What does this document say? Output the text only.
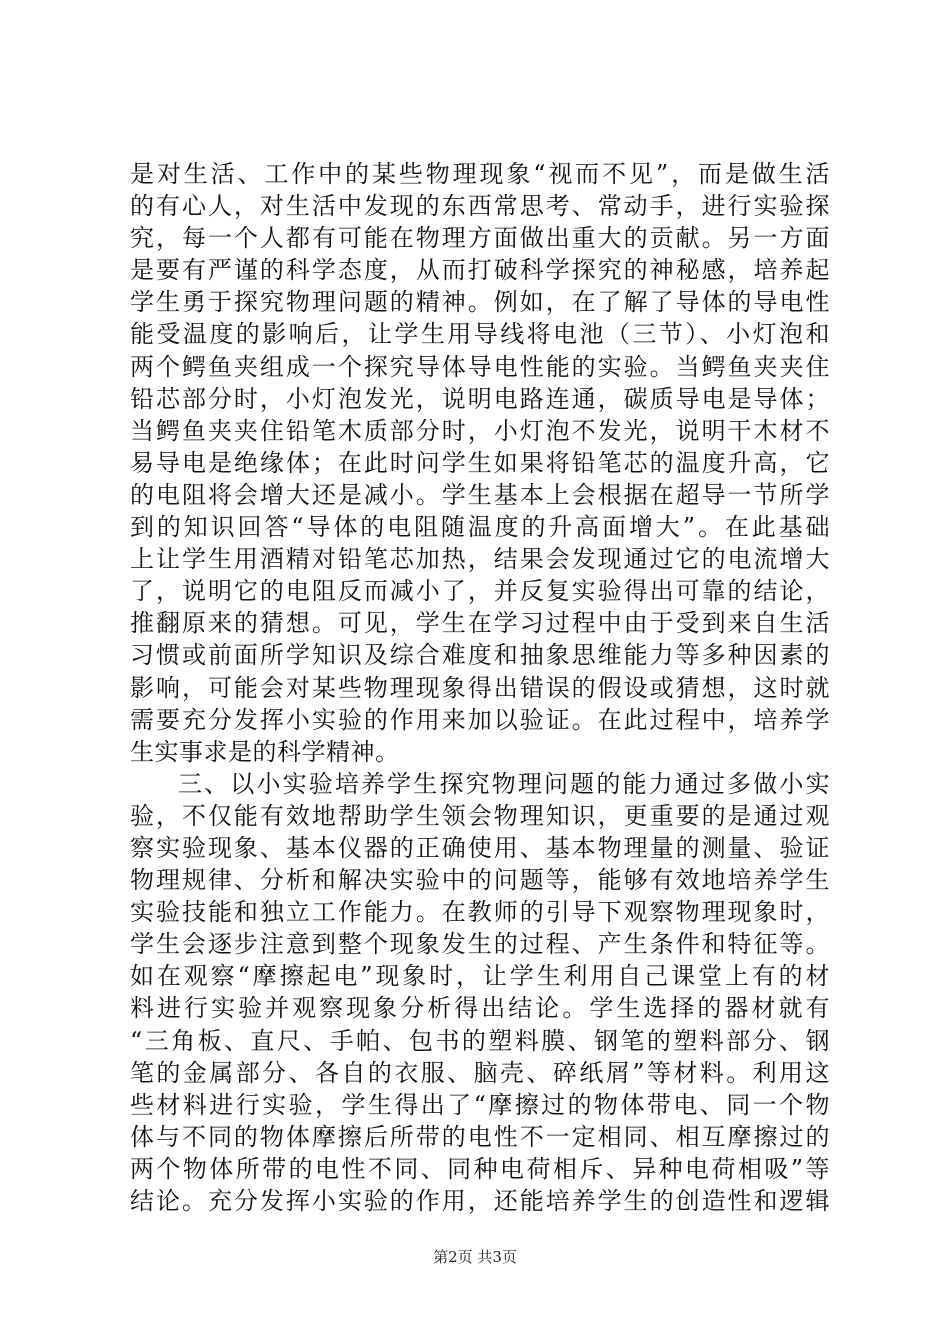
是对生活、工作中的某些物理现象“视而不见”，而是做生活
的有心人，对生活中发现的东西常思考、常动手，进行实验探
究，每一个人都有可能在物理方面做出重大的贡献。另一方面
是要有严谨的科学态度，从而打破科学探究的神秘感，培养起
学生勇于探究物理问题的精神。例如，在了解了导体的导电性
能受温度的影响后，让学生用导线将电池（三节）、小灯泡和
两个鳄鱼夹组成一个探究导体导电性能的实验。当鳄鱼夹夹住
铅芯部分时，小灯泡发光，说明电路连通，碳质导电是导体；
当鳄鱼夹夹住铅笔木质部分时，小灯泡不发光，说明干木材不
易导电是绝缘体；在此时问学生如果将铅笔芯的温度升高，它
的电阻将会增大还是减小。学生基本上会根据在超导一节所学
到的知识回答“导体的电阻随温度的升高面增大”。在此基础
上让学生用酒精对铅笔芯加热，结果会发现通过它的电流增大
了，说明它的电阻反而减小了，并反复实验得出可靠的结论，
推翻原来的猜想。可见，学生在学习过程中由于受到来自生活
习惯或前面所学知识及综合难度和抽象思维能力等多种因素的
影响，可能会对某些物理现象得出错误的假设或猜想，这时就
需要充分发挥小实验的作用来加以验证。在此过程中，培养学
生实事求是的科学精神。
三、以小实验培养学生探究物理问题的能力通过多做小实
验，不仅能有效地帮助学生领会物理知识，更重要的是通过观
察实验现象、基本仪器的正确使用、基本物理量的测量、验证
物理规律、分析和解决实验中的问题等，能够有效地培养学生
实验技能和独立工作能力。在教师的引导下观察物理现象时，
学生会逐步注意到整个现象发生的过程、产生条件和特征等。
如在观察“摩擦起电”现象时，让学生利用自己课堂上有的材
料进行实验并观察现象分析得出结论。学生选择的器材就有
“三角板、直尺、手帕、包书的塑料膜、钢笔的塑料部分、钢
笔的金属部分、各自的衣服、脑壳、碎纸屑”等材料。利用这
些材料进行实验，学生得出了“摩擦过的物体带电、同一个物
体与不同的物体摩擦后所带的电性不一定相同、相互摩擦过的
两个物体所带的电性不同、同种电荷相斥、异种电荷相吸”等
结论。充分发挥小实验的作用，还能培养学生的创造性和逻辑
第2页 共3页
